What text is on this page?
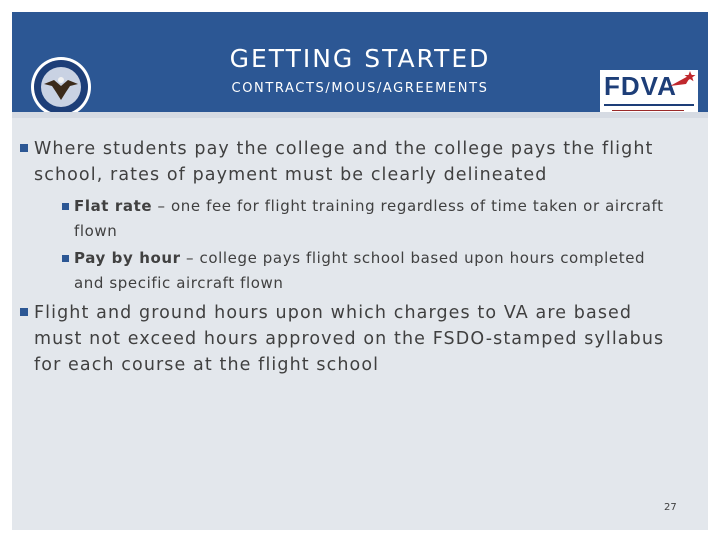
GETTING STARTED
CONTRACTS/MOUS/AGREEMENTS	FDVA
Where students pay the college and the college pays the flight school, rates of payment must be clearly delineated
Flat rate – one fee for flight training regardless of time taken or aircraft flown
Pay by hour – college pays flight school based upon hours completed and specific aircraft flown
Flight and ground hours upon which charges to VA are based must not exceed hours approved on the FSDO-stamped syllabus for each course at the flight school
27
